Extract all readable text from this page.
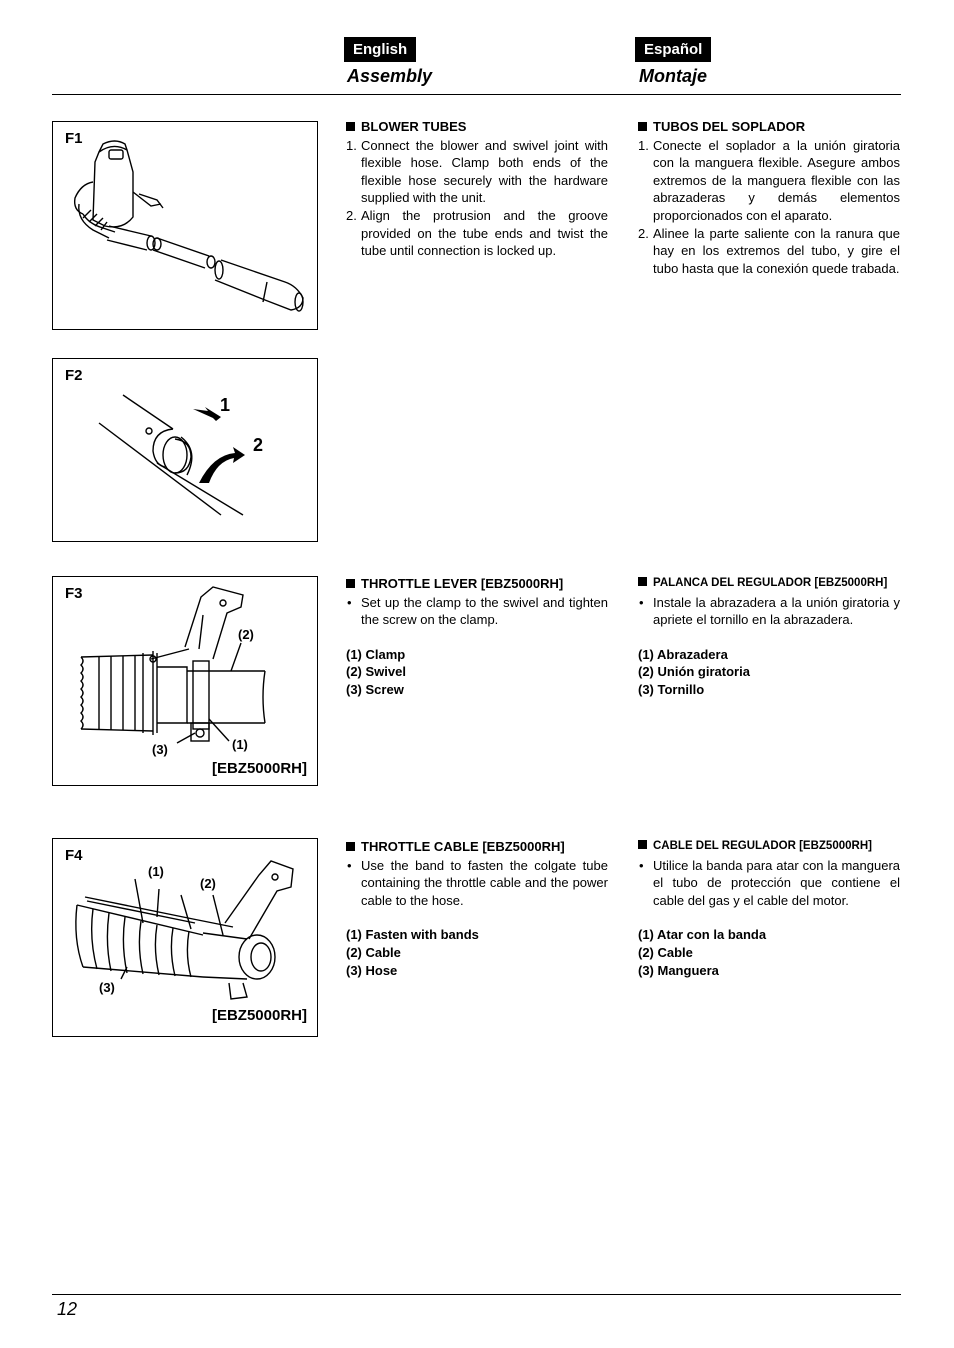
English
Assembly
Español
Montaje
F1
F2
1
2
F3
(2)
(1)
(3)
[EBZ5000RH]
F4
(1)
(2)
(3)
[EBZ5000RH]
BLOWER TUBES
1. Connect the blower and swivel joint with flexible hose. Clamp both ends of the flexible hose securely with the hardware supplied with the unit.
2. Align the protrusion and the groove provided on the tube ends and twist the tube until connection is locked up.
TUBOS DEL SOPLADOR
1. Conecte el soplador a la unión giratoria con la manguera flexible. Asegure ambos extremos de la manguera flexible con las abrazaderas y demás elementos proporcionados con el aparato.
2. Alinee la parte saliente con la ranura que hay en los extremos del tubo, y gire el tubo hasta que la conexión quede trabada.
THROTTLE LEVER [EBZ5000RH]
• Set up the clamp to the swivel and tighten the screw on the clamp.
(1) Clamp
(2) Swivel
(3) Screw
PALANCA DEL REGULADOR [EBZ5000RH]
• Instale la abrazadera a la unión giratoria y apriete el tornillo en la abrazadera.
(1) Abrazadera
(2) Unión giratoria
(3) Tornillo
THROTTLE CABLE [EBZ5000RH]
• Use the band to fasten the colgate tube containing the throttle cable and the power cable to the hose.
(1) Fasten with bands
(2) Cable
(3) Hose
CABLE DEL REGULADOR [EBZ5000RH]
• Utilice la banda para atar con la manguera el tubo de protección que contiene el cable del gas y el cable del motor.
(1) Atar con la banda
(2) Cable
(3) Manguera
12
